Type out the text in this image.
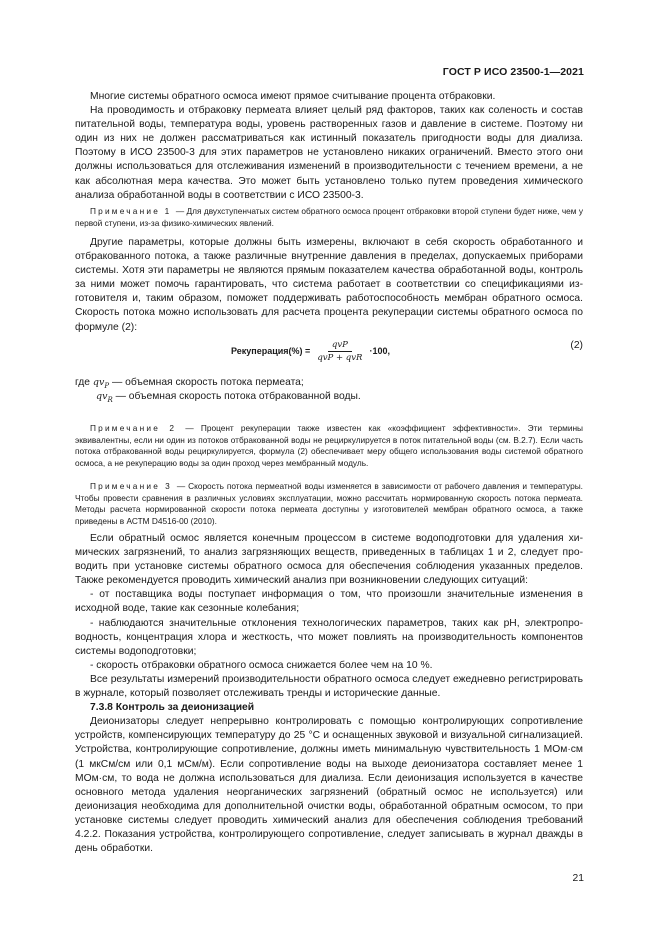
ГОСТ Р ИСО 23500-1—2021

Многие системы обратного осмоса имеют прямое считывание процента отбраковки.

На проводимость и отбраковку пермеата влияет целый ряд факторов, таких как соленость и состав питательной воды, температура воды, уровень растворенных газов и давление в системе. Поэтому ни один из них не должен рассматриваться как истинный показатель пригодности воды для диализа. Поэтому в ИСО 23500-3 для этих параметров не установлено никаких ограничений. Вместо этого они должны использоваться для отслеживания изменений в производительности с течением времени, а не как абсолютная мера качества. Это может быть установлено только путем проведения химического анализа обработанной воды в соответствии с ИСО 23500-3.

Примечание 1 — Для двухступенчатых систем обратного осмоса процент отбраковки второй ступени будет ниже, чем у первой ступени, из-за физико-химических явлений.

Другие параметры, которые должны быть измерены, включают в себя скорость обработанного и отбракованного потока, а также различные внутренние давления в пределах, допускаемых приборами системы. Хотя эти параметры не являются прямым показателем качества обработанной воды, контроль за ними может помочь гарантировать, что система работает в соответствии со спецификациями изготовителя и, таким образом, поможет поддерживать работоспособность мембран обратного осмоса. Скорость потока можно использовать для расчета процента рекуперации системы обратного осмоса по формуле (2):

Рекуперация(%) = $\frac{\text{qvP}}{\text{qvP + qvR}} \cdot 100$,	(2)
где $qv_P$ — объемная скорость потока пермеата;
$qv_R$ — объемная скорость потока отбракованной воды.

Примечание 2 — Процент рекуперации также известен как «коэффициент эффективности». Эти термины эквивалентны, если ни один из потоков отбракованной воды не рециркулируется в поток питательной воды (см. В.2.7). Если часть потока отбракованной воды рециркулируется, формула (2) обеспечивает меру общего использования воды системой обратного осмоса, а не рекуперацию воды за один проход через мембранный модуль.

Примечание 3 — Скорость потока пермеатной воды изменяется в зависимости от рабочего давления и температуры. Чтобы провести сравнения в различных условиях эксплуатации, можно рассчитать нормированную скорость потока пермеата. Методы расчета нормированной скорости потока пермеата доступны у изготовителей мембран обратного осмоса, а также приведены в АСТМ D4516-00 (2010).

Если обратный осмос является конечным процессом в системе водоподготовки для удаления химических загрязнений, то анализ загрязняющих веществ, приведенных в таблицах 1 и 2, следует проводить при установке системы обратного осмоса для обеспечения соблюдения указанных пределов. Также рекомендуется проводить химический анализ при возникновении следующих ситуаций:

- от поставщика воды поступает информация о том, что произошли значительные изменения в исходной воде, такие как сезонные колебания;

- наблюдаются значительные отклонения технологических параметров, таких как pH, электропроводность, концентрация хлора и жесткость, что может повлиять на производительность компонентов системы водоподготовки;

- скорость отбраковки обратного осмоса снижается более чем на 10 %.

Все результаты измерений производительности обратного осмоса следует ежедневно регистрировать в журнале, который позволяет отслеживать тренды и исторические данные.

7.3.8 Контроль за деионизацией

Деионизаторы следует непрерывно контролировать с помощью контролирующих сопротивление устройств, компенсирующих температуру до 25 °С и оснащенных звуковой и визуальной сигнализацией. Устройства, контролирующие сопротивление, должны иметь минимальную чувствительность 1 МОм·см (1 мкСм/см или 0,1 мСм/м). Если сопротивление воды на выходе деионизатора составляет менее 1 МОм·см, то вода не должна использоваться для диализа. Если деионизация используется в качестве основного метода удаления неорганических загрязнений (обратный осмос не используется) или деионизация необходима для дополнительной очистки воды, обработанной обратным осмосом, то при установке системы следует проводить химический анализ для обеспечения соблюдения требований 4.2.2. Показания устройства, контролирующего сопротивление, следует записывать в журнал дважды в день обработки.

21
